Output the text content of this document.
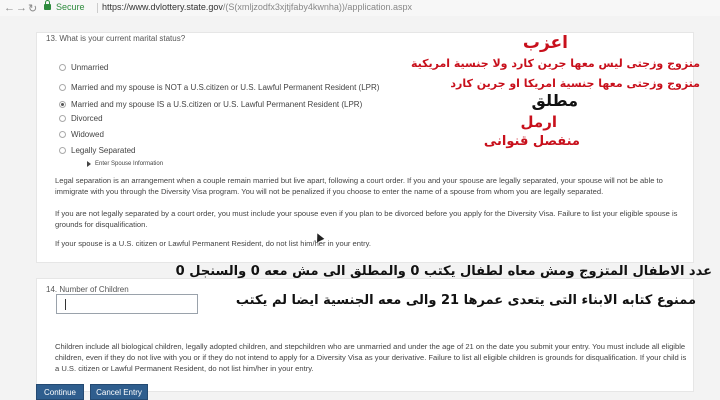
← → ↻ Secure https://www.dvlottery.state.gov/(S(xmljzodfx3xjtjfaby4kwnha))/application.aspx
13. What is your current marital status?
Unmarried
Married and my spouse is NOT a U.S.citizen or U.S. Lawful Permanent Resident (LPR)
Married and my spouse IS a U.S.citizen or U.S. Lawful Permanent Resident (LPR)
Divorced
Widowed
Legally Separated
Enter Spouse Information
Legal separation is an arrangement when a couple remain married but live apart, following a court order. If you and your spouse are legally separated, your spouse will not be able to immigrate with you through the Diversity Visa program. You will not be penalized if you choose to enter the name of a spouse from whom you are legally separated.
If you are not legally separated by a court order, you must include your spouse even if you plan to be divorced before you apply for the Diversity Visa. Failure to list your eligible spouse is grounds for disqualification.
If your spouse is a U.S. citizen or Lawful Permanent Resident, do not list him/her in your entry.
14. Number of Children
Children include all biological children, legally adopted children, and stepchildren who are unmarried and under the age of 21 on the date you submit your entry. You must include all eligible children, even if they do not live with you or if they do not intend to apply for a Diversity Visa as your derivative. Failure to list all eligible children is grounds for disqualification. If your child is a U.S. citizen or Lawful Permanent Resident, do not list him/her in your entry.
اعزب
متزوج وزجتى ليس معها جرين كارد ولا جنسية امريكية
متزوج وزجتى معها جنسية امريكا او جرين كارد
مطلق
ارمل
منفصل قنوانى
عدد الاطفال المتزوج ومش معاه لطفال يكتب 0 والمطلق الى مش معه 0 والسنجل 0
ممنوع كتابه الابناء التى يتعدى عمرها 21 والى معه الجنسية ايضا لم يكتب
Continue	Cancel Entry
